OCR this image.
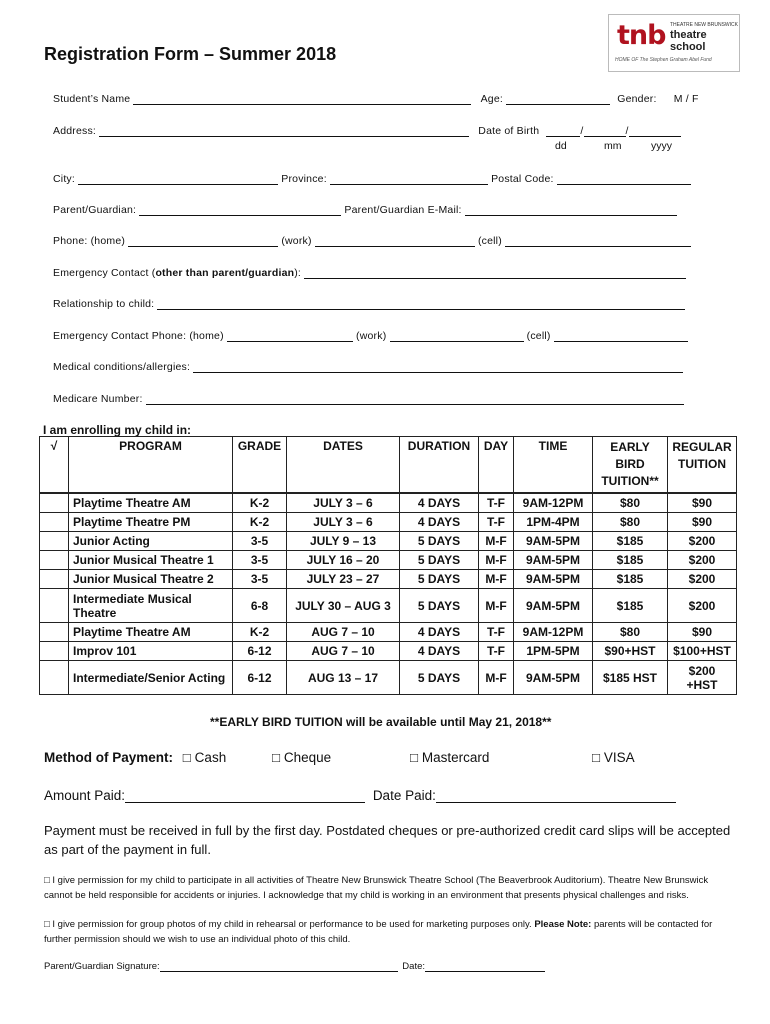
Registration Form – Summer 2018
tnb THEATRE NEW BRUNSWICK
theatre school
HOME OF The Stephen Graham Abel Fund
Student’s Name	Age:	Gender: M / F
Address:	Date of Birth	/	/
dd	mm	yyyy
City:	Province:	Postal Code:
Parent/Guardian:	Parent/Guardian E-Mail:
Phone: (home)	(work)	(cell)
Emergency Contact (other than parent/guardian):
Relationship to child:
Emergency Contact Phone: (home)	(work)	(cell)
Medical conditions/allergies:
Medicare Number:
I am enrolling my child in:
√	PROGRAM	GRADE	DATES	DURATION	DAY	TIME	EARLY BIRD TUITION**	REGULAR TUITION
	Playtime Theatre AM	K-2	JULY 3 – 6	4 DAYS	T-F	9AM-12PM	$80	$90
	Playtime Theatre PM	K-2	JULY 3 – 6	4 DAYS	T-F	1PM-4PM	$80	$90
	Junior Acting	3-5	JULY 9 – 13	5 DAYS	M-F	9AM-5PM	$185	$200
	Junior Musical Theatre 1	3-5	JULY 16 – 20	5 DAYS	M-F	9AM-5PM	$185	$200
	Junior Musical Theatre 2	3-5	JULY 23 – 27	5 DAYS	M-F	9AM-5PM	$185	$200
	Intermediate Musical Theatre	6-8	JULY 30 – AUG 3	5 DAYS	M-F	9AM-5PM	$185	$200
	Playtime Theatre AM	K-2	AUG 7 – 10	4 DAYS	T-F	9AM-12PM	$80	$90
	Improv 101	6-12	AUG 7 – 10	4 DAYS	T-F	1PM-5PM	$90+HST	$100+HST
	Intermediate/Senior Acting	6-12	AUG 13 – 17	5 DAYS	M-F	9AM-5PM	$185 HST	$200 +HST
**EARLY BIRD TUITION will be available until May 21, 2018**
Method of Payment: □ Cash	□ Cheque	□ Mastercard	□ VISA
Amount Paid:	Date Paid:
Payment must be received in full by the first day. Postdated cheques or pre-authorized credit card slips will be accepted as part of the payment in full.
□ I give permission for my child to participate in all activities of Theatre New Brunswick Theatre School (The Beaverbrook Auditorium). Theatre New Brunswick cannot be held responsible for accidents or injuries. I acknowledge that my child is working in an environment that presents physical challenges and risks.
□ I give permission for group photos of my child in rehearsal or performance to be used for marketing purposes only. Please Note: parents will be contacted for further permission should we wish to use an individual photo of this child.
Parent/Guardian Signature:	Date:
